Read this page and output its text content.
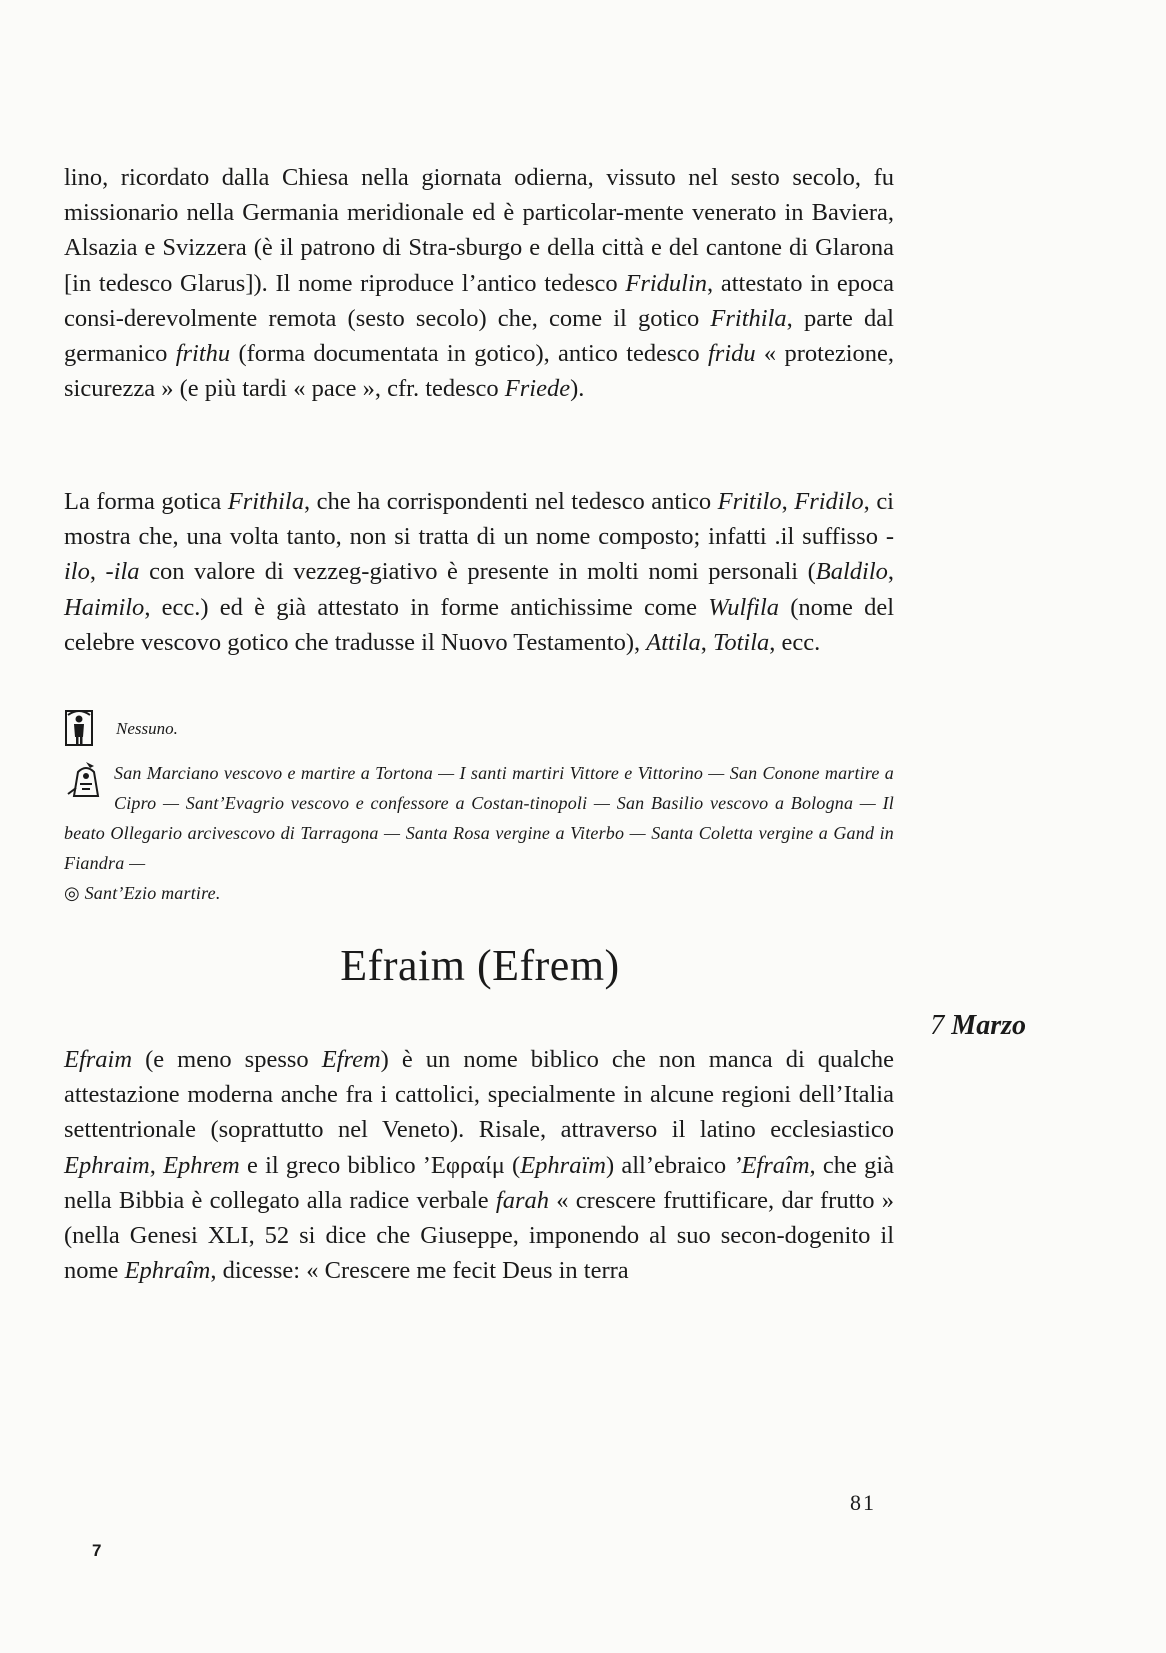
lino, ricordato dalla Chiesa nella giornata odierna, vissuto nel sesto secolo, fu missionario nella Germania meridionale ed è particolar-mente venerato in Baviera, Alsazia e Svizzera (è il patrono di Stra-sburgo e della città e del cantone di Glarona [in tedesco Glarus]). Il nome riproduce l’antico tedesco Fridulin, attestato in epoca consi-derevolmente remota (sesto secolo) che, come il gotico Frithila, parte dal germanico frithu (forma documentata in gotico), antico tedesco fridu « protezione, sicurezza » (e più tardi « pace », cfr. tedesco Friede).

La forma gotica Frithila, che ha corrispondenti nel tedesco antico Fritilo, Fridilo, ci mostra che, una volta tanto, non si tratta di un nome composto; infatti .il suffisso -ilo, -ila con valore di vezzeg-giativo è presente in molti nomi personali (Baldilo, Haimilo, ecc.) ed è già attestato in forme antichissime come Wulfila (nome del celebre vescovo gotico che tradusse il Nuovo Testamento), Attila, Totila, ecc.

Nessuno.
San Marciano vescovo e martire a Tortona — I santi martiri Vittore e Vittorino — San Conone martire a Cipro — Sant’Evagrio vescovo e confessore a Costan-tinopoli — San Basilio vescovo a Bologna — Il beato Ollegario arcivescovo di Tarragona — Santa Rosa vergine a Viterbo — Santa Coletta vergine a Gand in Fiandra —
◎ Sant’Ezio martire.
Efraim (Efrem)
7 Marzo

Efraim (e meno spesso Efrem) è un nome biblico che non manca di qualche attestazione moderna anche fra i cattolici, specialmente in alcune regioni dell’Italia settentrionale (soprattutto nel Veneto). Risale, attraverso il latino ecclesiastico Ephraim, Ephrem e il greco biblico ’Εφραίμ (Ephraïm) all’ebraico ’Efraîm, che già nella Bibbia è collegato alla radice verbale farah « crescere fruttificare, dar frutto » (nella Genesi XLI, 52 si dice che Giuseppe, imponendo al suo secon-dogenito il nome Ephraîm, dicesse: « Crescere me fecit Deus in terra

81
7
